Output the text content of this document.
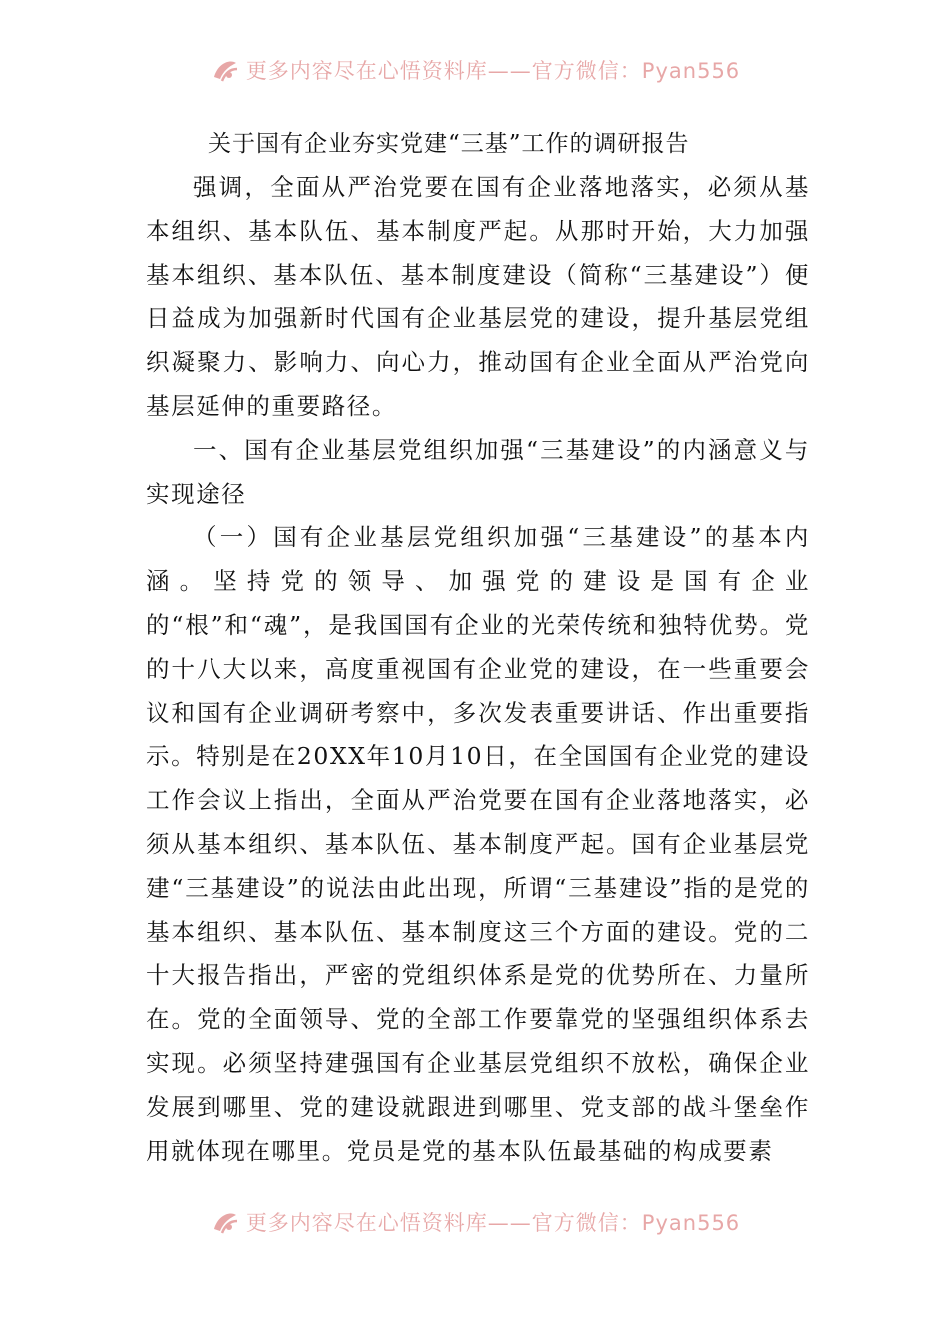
更多内容尽在心悟资料库——官方微信：Pyan556
关于国有企业夯实党建“三基”工作的调研报告

强调，全面从严治党要在国有企业落地落实，必须从基本组织、基本队伍、基本制度严起。从那时开始，大力加强基本组织、基本队伍、基本制度建设（简称“三基建设”）便日益成为加强新时代国有企业基层党的建设，提升基层党组织凝聚力、影响力、向心力，推动国有企业全面从严治党向基层延伸的重要路径。

一、国有企业基层党组织加强“三基建设”的内涵意义与实现途径

（一）国有企业基层党组织加强“三基建设”的基本内涵。坚持党的领导、加强党的建设是国有企业的“根”和“魂”，是我国国有企业的光荣传统和独特优势。党的十八大以来，高度重视国有企业党的建设，在一些重要会议和国有企业调研考察中，多次发表重要讲话、作出重要指示。特别是在20XX年10月10日，在全国国有企业党的建设工作会议上指出，全面从严治党要在国有企业落地落实，必须从基本组织、基本队伍、基本制度严起。国有企业基层党建“三基建设”的说法由此出现，所谓“三基建设”指的是党的基本组织、基本队伍、基本制度这三个方面的建设。党的二十大报告指出，严密的党组织体系是党的优势所在、力量所在。党的全面领导、党的全部工作要靠党的坚强组织体系去实现。必须坚持建强国有企业基层党组织不放松，确保企业发展到哪里、党的建设就跟进到哪里、党支部的战斗堡垒作用就体现在哪里。党员是党的基本队伍最基础的构成要素

更多内容尽在心悟资料库——官方微信：Pyan556
